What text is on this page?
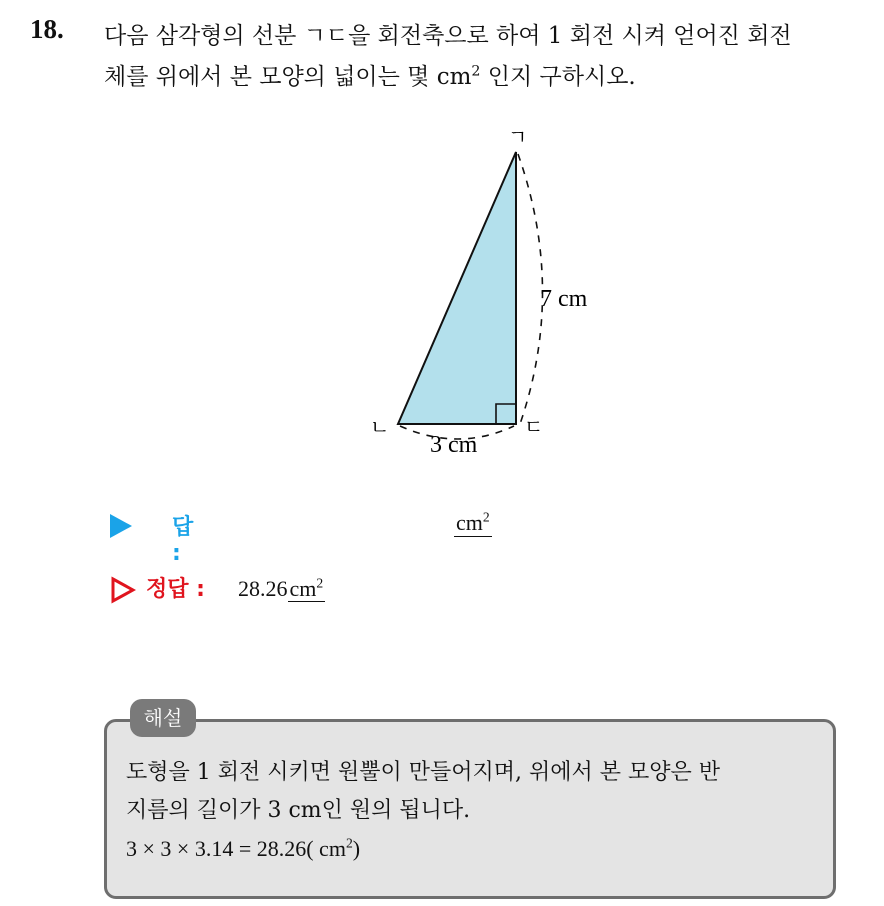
18. 다음 삼각형의 선분 ㄱㄷ을 회전축으로 하여 1 회전 시켜 얻어진 회전
체를 위에서 본 모양의 넓이는 몇 $cm^2$ 인지 구하시오.
ㄱ
ㄴ	ㄷ
7 cm
3 cm
답 :
$cm^2$
정답 : $28.26cm^2$
해설
도형을 1 회전 시키면 원뿔이 만들어지며, 위에서 본 모양은 반
지름의 길이가 3 cm인 원의 됩니다.
3 × 3 × 3.14 = 28.26( $cm^2$)
